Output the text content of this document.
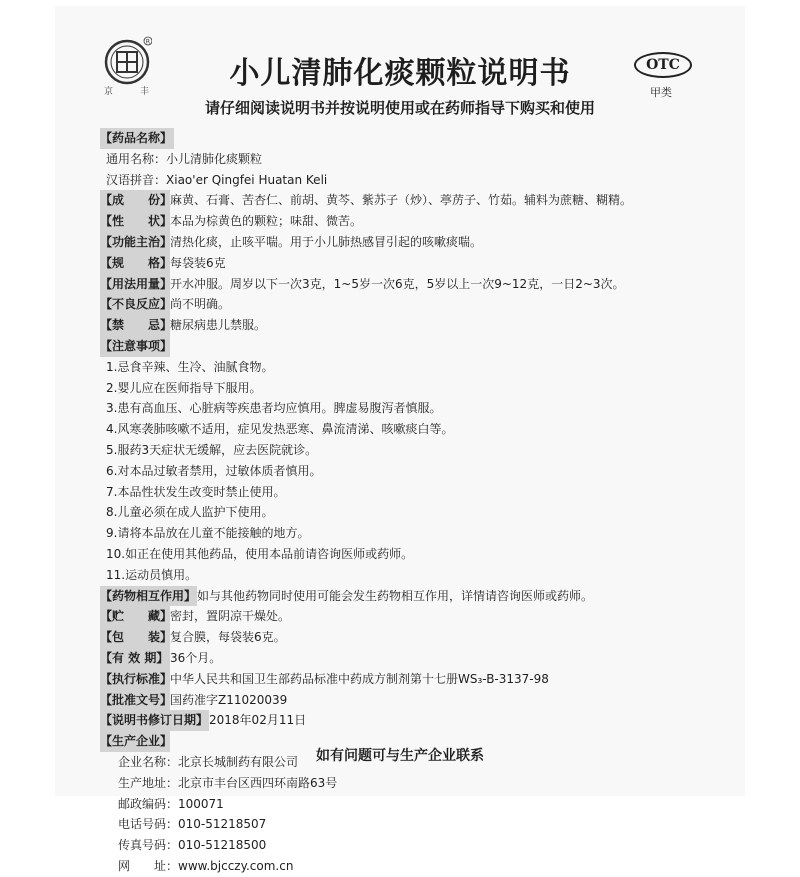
R
京	丰
小儿清肺化痰颗粒说明书	OTC
甲类
请仔细阅读说明书并按说明使用或在药师指导下购买和使用
【药品名称】
通用名称：小儿清肺化痰颗粒
汉语拼音：Xiao'er Qingfei Huatan Keli
【成　　份】麻黄、石膏、苦杏仁、前胡、黄芩、紫苏子（炒）、葶苈子、竹茹。辅料为蔗糖、糊精。
【性　　状】本品为棕黄色的颗粒；味甜、微苦。
【功能主治】清热化痰，止咳平喘。用于小儿肺热感冒引起的咳嗽痰喘。
【规　　格】每袋装6克
【用法用量】开水冲服。周岁以下一次3克，1~5岁一次6克，5岁以上一次9~12克，一日2~3次。
【不良反应】尚不明确。
【禁　　忌】糖尿病患儿禁服。
【注意事项】
1.忌食辛辣、生冷、油腻食物。
2.婴儿应在医师指导下服用。
3.患有高血压、心脏病等疾患者均应慎用。脾虚易腹泻者慎服。
4.风寒袭肺咳嗽不适用，症见发热恶寒、鼻流清涕、咳嗽痰白等。
5.服药3天症状无缓解，应去医院就诊。
6.对本品过敏者禁用，过敏体质者慎用。
7.本品性状发生改变时禁止使用。
8.儿童必须在成人监护下使用。
9.请将本品放在儿童不能接触的地方。
10.如正在使用其他药品，使用本品前请咨询医师或药师。
11.运动员慎用。
【药物相互作用】如与其他药物同时使用可能会发生药物相互作用，详情请咨询医师或药师。
【贮　　藏】密封，置阴凉干燥处。
【包　　装】复合膜，每袋装6克。
【有 效 期】 36个月。
【执行标准】中华人民共和国卫生部药品标准中药成方制剂第十七册WS₃-B-3137-98
【批准文号】国药准字Z11020039
【说明书修订日期】2018年02月11日
【生产企业】
企业名称：北京长城制药有限公司
生产地址：北京市丰台区西四环南路63号
邮政编码：100071
电话号码：010-51218507
传真号码：010-51218500
网　　址：www.bjcczy.com.cn
如有问题可与生产企业联系
